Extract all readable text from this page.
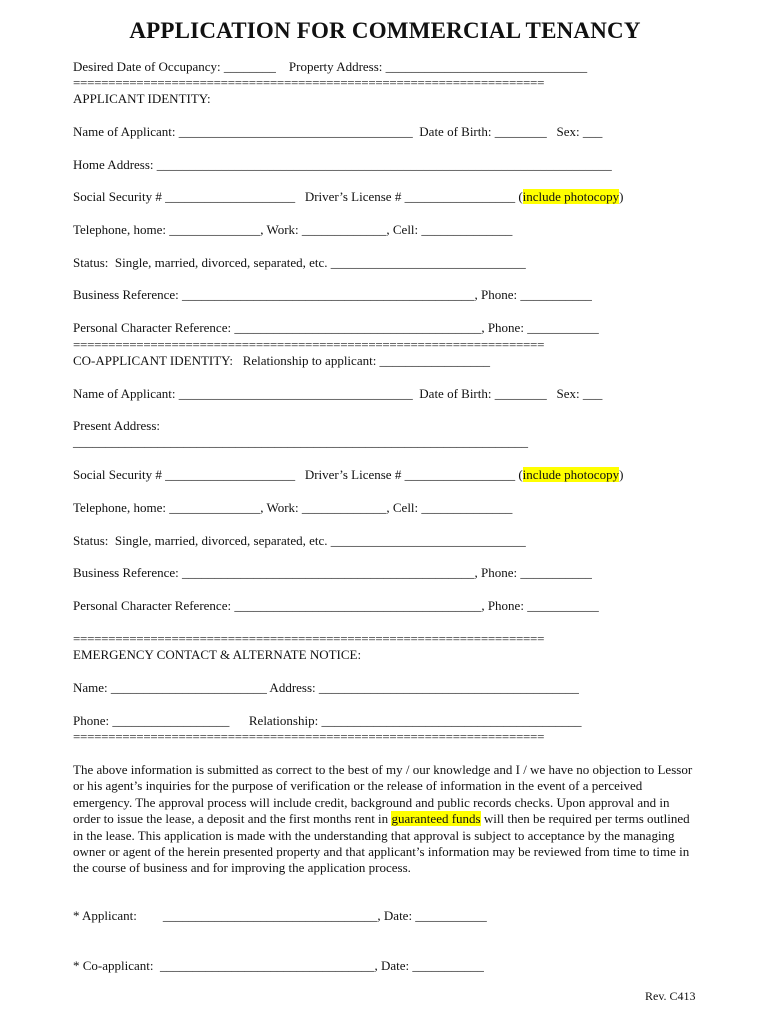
APPLICATION FOR COMMERCIAL TENANCY
Desired Date of Occupancy: ________ Property Address: _______________________________
===================================================================
APPLICANT IDENTITY:
Name of Applicant: ____________________________________ Date of Birth: ________ Sex: ___
Home Address: ______________________________________________________________________
Social Security # ____________________ Driver’s License # _________________ (include photocopy)
Telephone, home: ______________, Work: _____________, Cell: ______________
Status:  Single, married, divorced, separated, etc. ______________________________
Business Reference: _____________________________________________, Phone: ___________
Personal Character Reference: ______________________________________, Phone: ___________
===================================================================
CO-APPLICANT IDENTITY:   Relationship to applicant: _________________
Name of Applicant: ____________________________________ Date of Birth: ________ Sex: ___
Present Address:
______________________________________________________________________
Social Security # ____________________ Driver’s License # _________________ (include photocopy)
Telephone, home: ______________, Work: _____________, Cell: ______________
Status:  Single, married, divorced, separated, etc. ______________________________
Business Reference: _____________________________________________, Phone: ___________
Personal Character Reference: ______________________________________, Phone: ___________
===================================================================
EMERGENCY CONTACT & ALTERNATE NOTICE:
Name: ________________________ Address: ________________________________________
Phone: __________________ Relationship: ________________________________________
===================================================================
The above information is submitted as correct to the best of my / our knowledge and I / we have no objection to Lessor or his agent’s inquiries for the purpose of verification or the release of information in the event of a perceived emergency. The approval process will include credit, background and public records checks. Upon approval and in order to issue the lease, a deposit and the first months rent in guaranteed funds will then be required per terms outlined in the lease. This application is made with the understanding that approval is subject to acceptance by the managing owner or agent of the herein presented property and that applicant’s information may be reviewed from time to time in the course of business and for improving the application process.
* Applicant:        _________________________________, Date: ___________
* Co-applicant:  _________________________________, Date: ___________
Rev. C413
